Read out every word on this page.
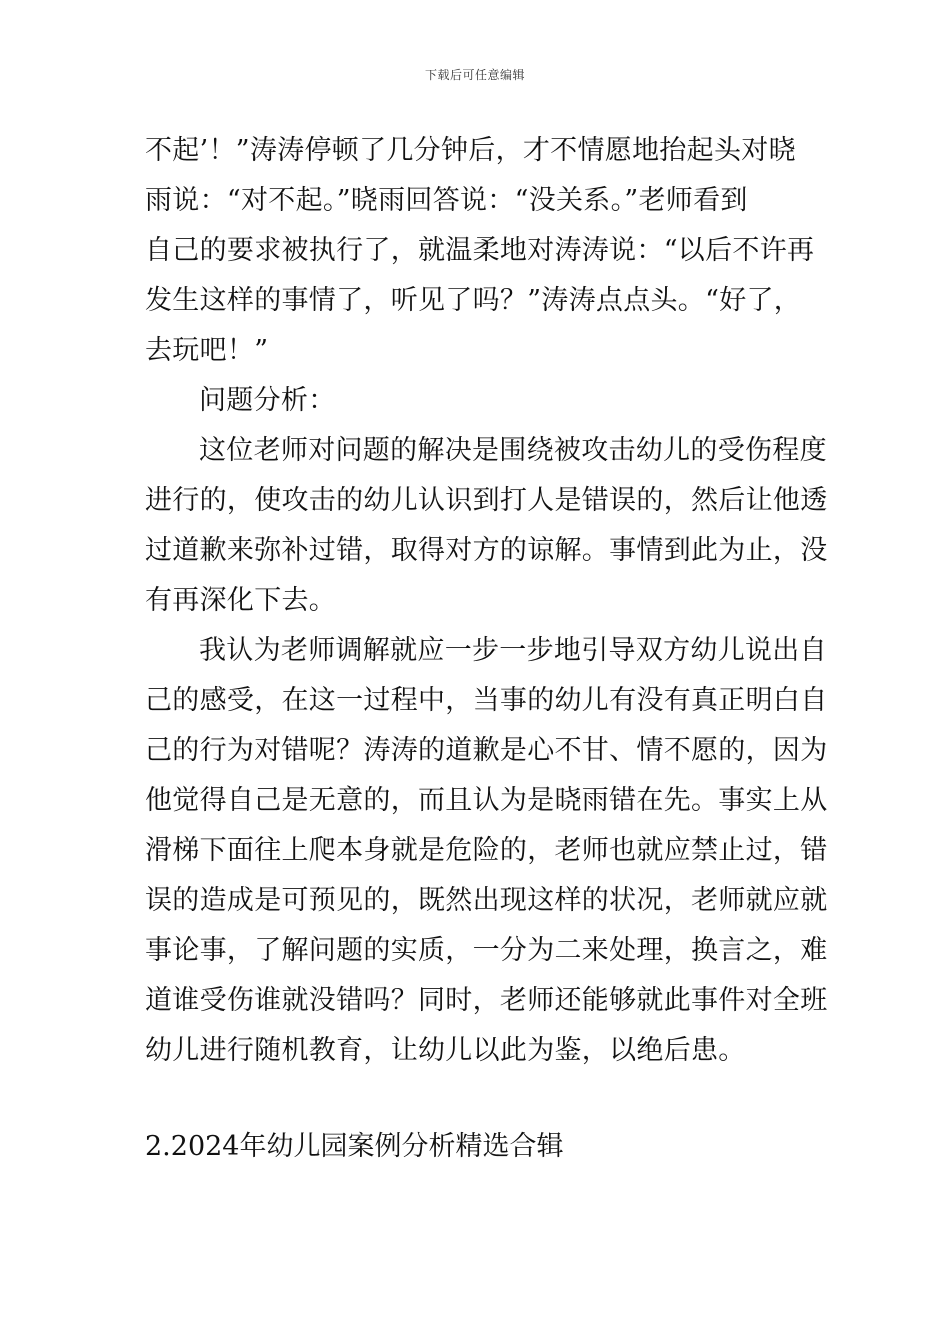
下载后可任意编辑
不起’！”涛涛停顿了几分钟后，才不情愿地抬起头对晓
雨说：“对不起。”晓雨回答说：“没关系。”老师看到
自己的要求被执行了，就温柔地对涛涛说：“以后不许再
发生这样的事情了，听见了吗？”涛涛点点头。“好了，
去玩吧！”
问题分析：
这位老师对问题的解决是围绕被攻击幼儿的受伤程度
进行的，使攻击的幼儿认识到打人是错误的，然后让他透
过道歉来弥补过错，取得对方的谅解。事情到此为止，没
有再深化下去。
我认为老师调解就应一步一步地引导双方幼儿说出自
己的感受，在这一过程中，当事的幼儿有没有真正明白自
己的行为对错呢？涛涛的道歉是心不甘、情不愿的，因为
他觉得自己是无意的，而且认为是晓雨错在先。事实上从
滑梯下面往上爬本身就是危险的，老师也就应禁止过，错
误的造成是可预见的，既然出现这样的状况，老师就应就
事论事，了解问题的实质，一分为二来处理，换言之，难
道谁受伤谁就没错吗？同时，老师还能够就此事件对全班
幼儿进行随机教育，让幼儿以此为鉴，以绝后患。
2.2024年幼儿园案例分析精选合辑
